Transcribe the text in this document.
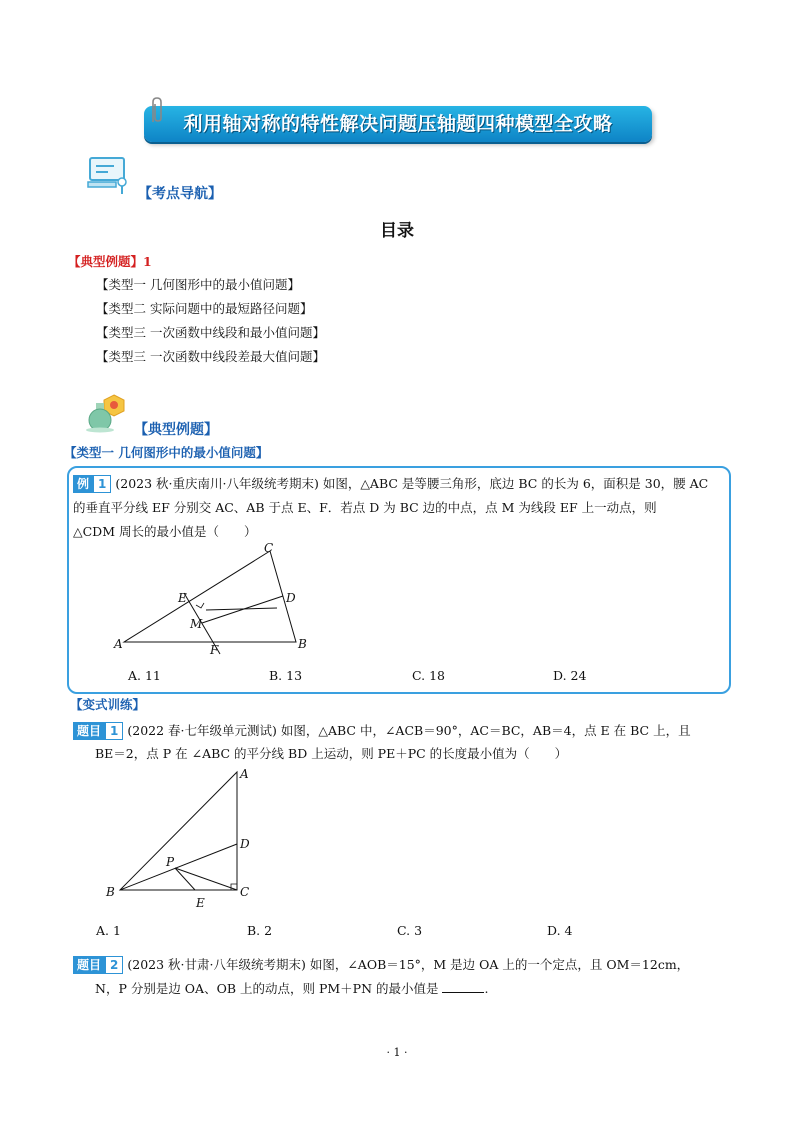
利用轴对称的特性解决问题压轴题四种模型全攻略
【考点导航】
目录
【典型例题】1
【类型一 几何图形中的最小值问题】
【类型二 实际问题中的最短路径问题】
【类型三 一次函数中线段和最小值问题】
【类型三 一次函数中线段差最大值问题】
【典型例题】
【类型一 几何图形中的最小值问题】
例 1 (2023 秋·重庆南川·八年级统考期末) 如图，△ABC 是等腰三角形，底边 BC 的长为 6，面积是 30，腰 AC
的垂直平分线 EF 分别交 AC、AB 于点 E、F．若点 D 为 BC 边的中点，点 M 为线段 EF 上一动点，则
△CDM 周长的最小值是（　　）
C
E	D
M
A	B
F
A. 11	B. 13	C. 18	D. 24
【变式训练】
题目 1 (2022 春·七年级单元测试) 如图，△ABC 中，∠ACB＝90°，AC＝BC，AB＝4，点 E 在 BC 上，且
BE＝2，点 P 在 ∠ABC 的平分线 BD 上运动，则 PE＋PC 的长度最小值为（　　）
A
D
P
B	C
E
A. 1	B. 2	C. 3	D. 4
题目 2 (2023 秋·甘肃·八年级统考期末) 如图，∠AOB＝15°，M 是边 OA 上的一个定点，且 OM＝12cm，
N，P 分别是边 OA、OB 上的动点，则 PM＋PN 的最小值是	.
· 1 ·
